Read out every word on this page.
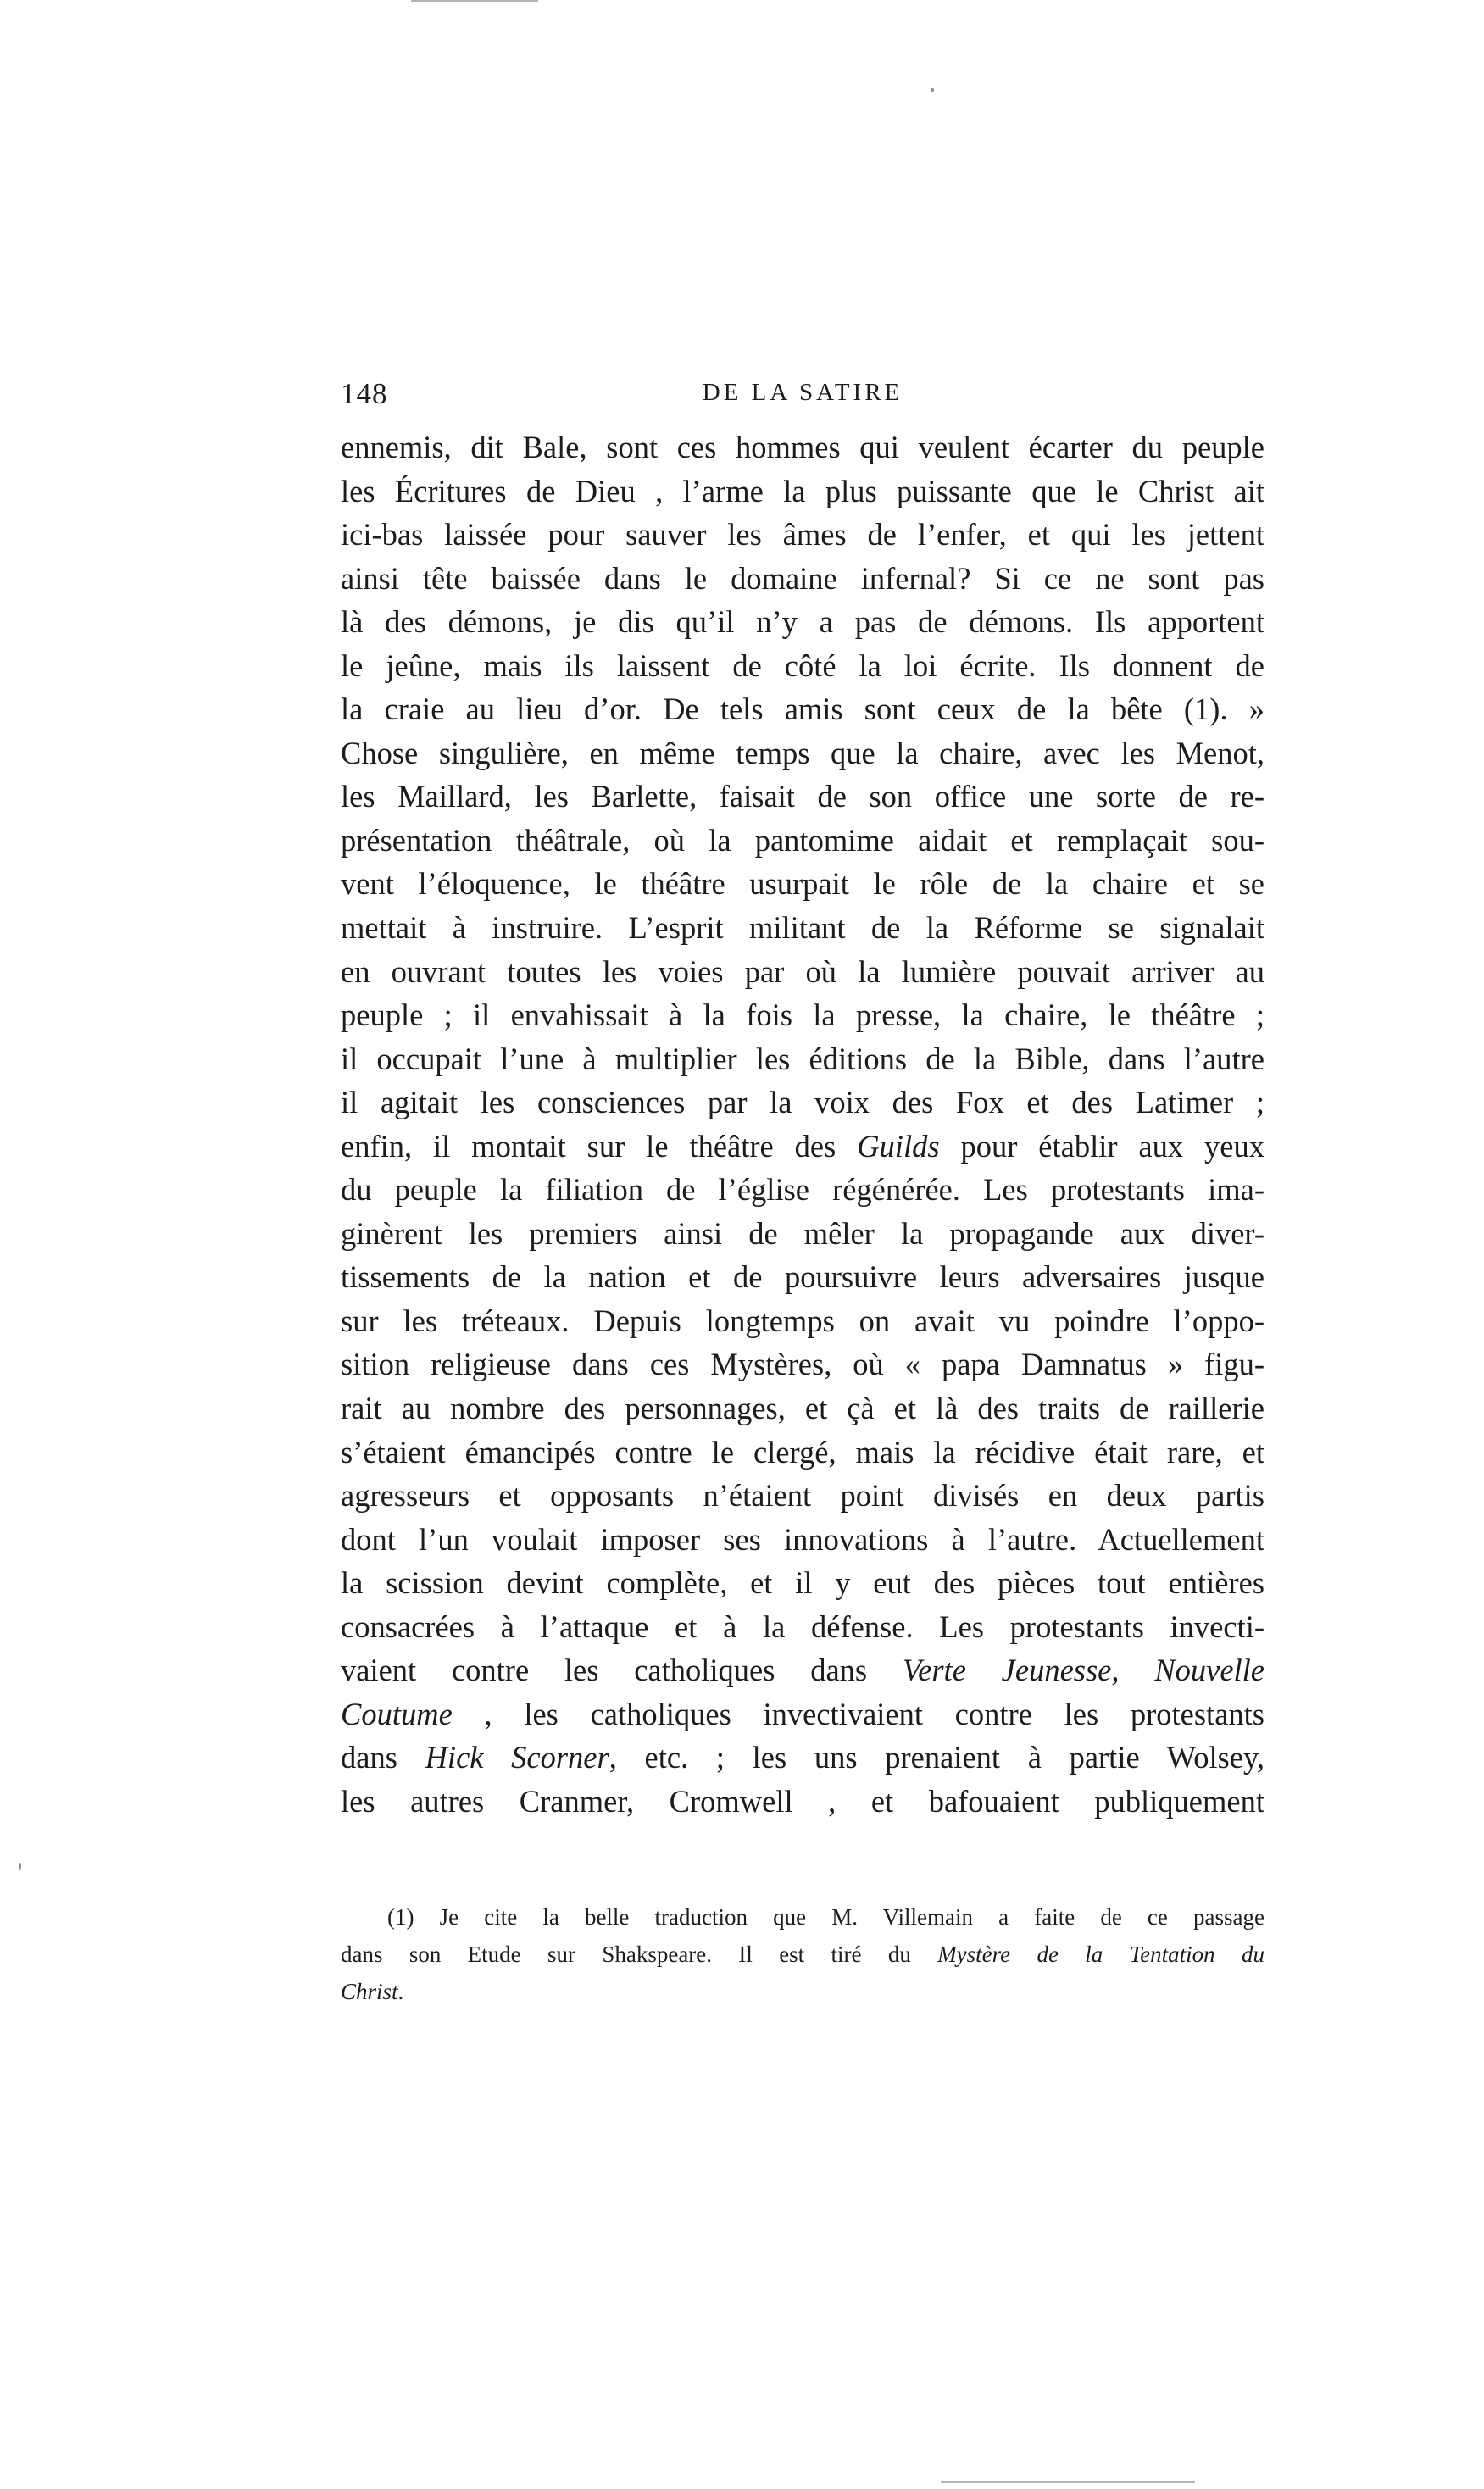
148	DE LA SATIRE
ennemis, dit Bale, sont ces hommes qui veulent écarter du peuple
les Écritures de Dieu , l’arme la plus puissante que le Christ ait
ici-bas laissée pour sauver les âmes de l’enfer, et qui les jettent
ainsi tête baissée dans le domaine infernal? Si ce ne sont pas
là des démons, je dis qu’il n’y a pas de démons. Ils apportent
le jeûne, mais ils laissent de côté la loi écrite. Ils donnent de
la craie au lieu d’or. De tels amis sont ceux de la bête (1). »
Chose singulière, en même temps que la chaire, avec les Menot,
les Maillard, les Barlette, faisait de son office une sorte de re-
présentation théâtrale, où la pantomime aidait et remplaçait sou-
vent l’éloquence, le théâtre usurpait le rôle de la chaire et se
mettait à instruire. L’esprit militant de la Réforme se signalait
en ouvrant toutes les voies par où la lumière pouvait arriver au
peuple ; il envahissait à la fois la presse, la chaire, le théâtre ;
il occupait l’une à multiplier les éditions de la Bible, dans l’autre
il agitait les consciences par la voix des Fox et des Latimer ;
enfin, il montait sur le théâtre des Guilds pour établir aux yeux
du peuple la filiation de l’église régénérée. Les protestants ima-
ginèrent les premiers ainsi de mêler la propagande aux diver-
tissements de la nation et de poursuivre leurs adversaires jusque
sur les tréteaux. Depuis longtemps on avait vu poindre l’oppo-
sition religieuse dans ces Mystères, où « papa Damnatus » figu-
rait au nombre des personnages, et çà et là des traits de raillerie
s’étaient émancipés contre le clergé, mais la récidive était rare, et
agresseurs et opposants n’étaient point divisés en deux partis
dont l’un voulait imposer ses innovations à l’autre. Actuellement
la scission devint complète, et il y eut des pièces tout entières
consacrées à l’attaque et à la défense. Les protestants invecti-
vaient contre les catholiques dans Verte Jeunesse, Nouvelle
Coutume , les catholiques invectivaient contre les protestants
dans Hick Scorner, etc. ; les uns prenaient à partie Wolsey,
les autres Cranmer, Cromwell , et bafouaient publiquement
(1) Je cite la belle traduction que M. Villemain a faite de ce passage
dans son Etude sur Shakspeare. Il est tiré du Mystère de la Tentation du
Christ.
